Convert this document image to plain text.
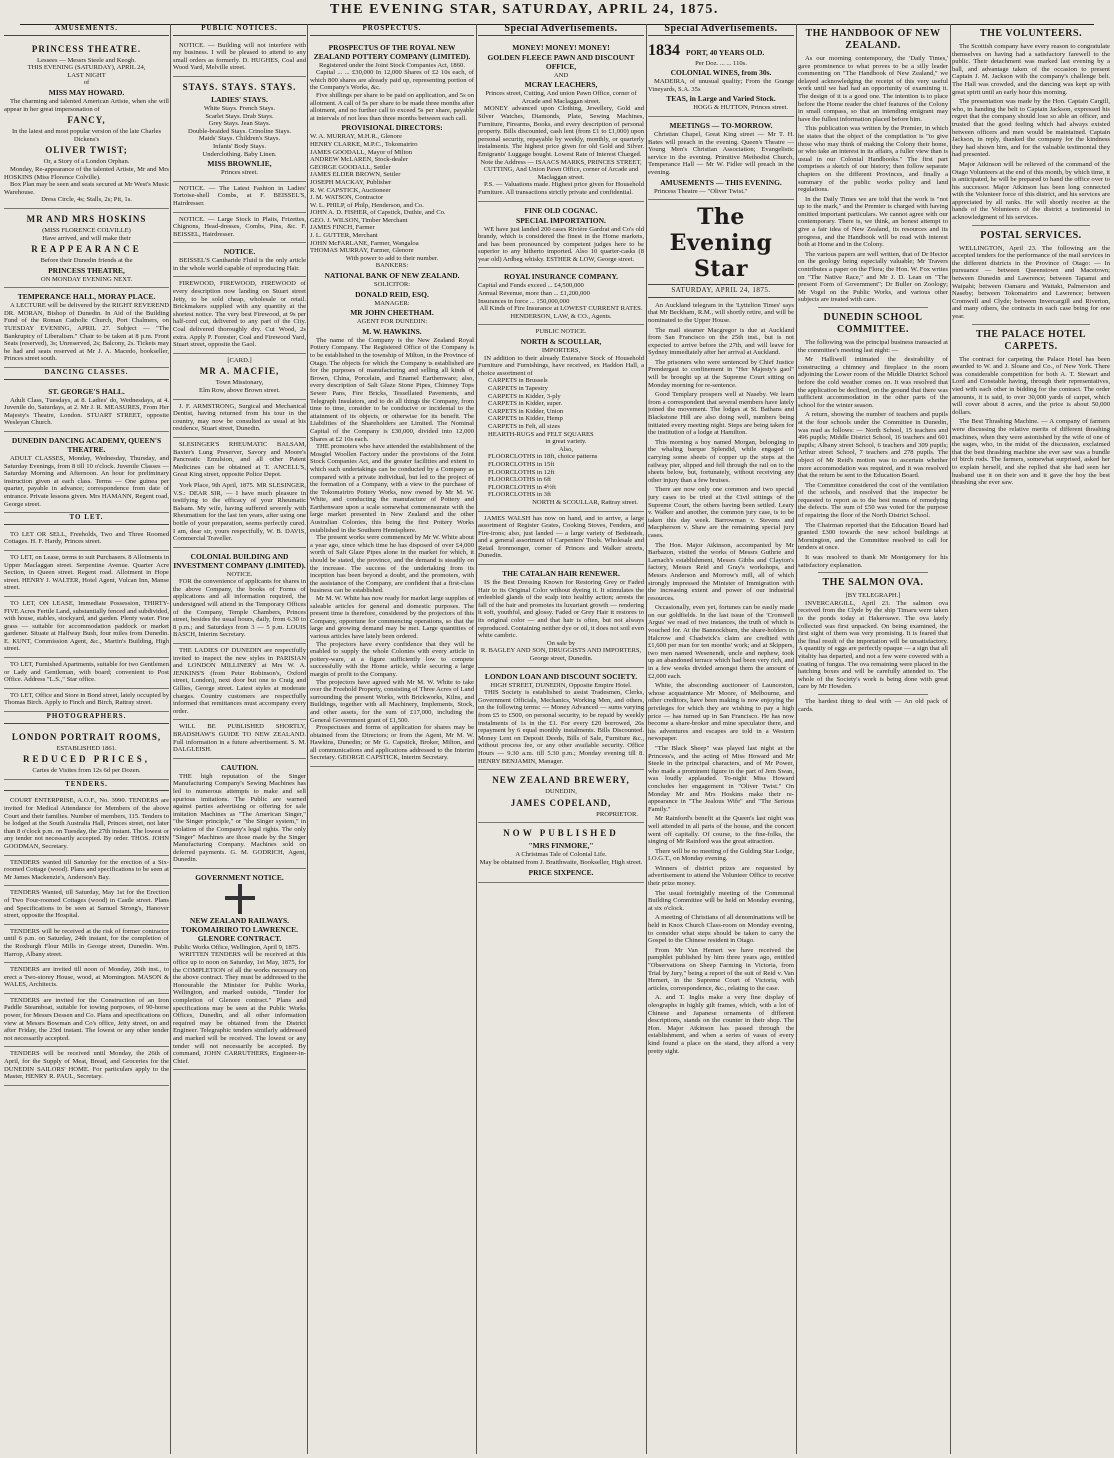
THE EVENING STAR, SATURDAY, APRIL 24, 1875.
AMUSEMENTS.
PRINCESS THEATRE.
Lessees — Messrs Steele and Keogh.
THIS EVENING (SATURDAY), APRIL 24,
LAST NIGHT
of
MISS MAY HOWARD.
The charming and talented American Artiste, when she will appear in her great impersonation of
FANCY,
In the latest and most popular version of the late Charles Dickens's
OLIVER TWIST;
Or, a Story of a London Orphan.
Monday, Re-appearance of the talented Artiste, Mr and Mrs HOSKINS (Miss Florence Colville).
Box Plan may be seen and seats secured at Mr West's Music Warehouse.
Dress Circle, 4s; Stalls, 2s; Pit, 1s.
MR AND MRS HOSKINS
(MISS FLORENCE COLVILLE)
Have arrived, and will make their
REAPPEARANCE
Before their Dunedin friends at the
PRINCESS THEATRE,
ON MONDAY EVENING NEXT.
TEMPERANCE HALL, MORAY PLACE.
A LECTURE will be delivered by the RIGHT REVEREND DR. MORAN, Bishop of Dunedin. In Aid of the Building Fund of the Roman Catholic Church, Port Chalmers, on TUESDAY EVENING, APRIL 27. Subject — "The Bankruptcy of Liberalism." Chair to be taken at 8 p.m. Front Seats (reserved), 3s; Unreserved, 2s; Balcony, 2s. Tickets may be had and seats reserved at Mr J. A. Macedo, bookseller, Princes street south.
DANCING CLASSES.
ST. GEORGE'S HALL.
Adult Class, Tuesdays, at 8. Ladies' do, Wednesdays, at 4. Juvenile do, Saturdays, at 2. Mr J. R. MEASURES, From Her Majesty's Theatre, London. STUART STREET, opposite Wesleyan Church.
DUNEDIN DANCING ACADEMY, QUEEN'S THEATRE.
ADULT CLASSES, Monday, Wednesday, Thursday, and Saturday Evenings, from 8 till 10 o'clock. Juvenile Classes — Saturday Morning and Afternoon. An hour for preliminary instruction given at each class. Terms — One guinea per quarter, payable in advance; correspondence from date of entrance. Private lessons given. Mrs HAMANN, Regent road, George street.
TO LET.
TO LET OR SELL, Freeholds, Two and Three Roomed Cottages. H. F. Hardy, Princes street.
TO LET, on Lease, terms to suit Purchasers. 8 Allotments in Upper Maclaggan street. Serpentine Avenue. Quarter Acre Section, in Queen street. Regent road. Allotment in Hope street. HENRY J. WALTER, Hotel Agent, Vulcan Inn, Manse street.
TO LET, ON LEASE, Immediate Possession, THIRTY-FIVE Acres Fertile Land, substantially fenced and subdivided, with house, stables, stockyard, and garden. Plenty water. Fine grass — suitable for accommodation paddock or market gardener. Situate at Halfway Bush, four miles from Dunedin. E. KUNT, Commission Agent, &c., Martin's Building, High street.
TO LET, Furnished Apartments, suitable for two Gentlemen or Lady and Gentleman, with board; convenient to Post Office. Address "L.S.," Star office.
TO LET, Office and Store in Bond street, lately occupied by Thomas Birch. Apply to Finch and Birch, Rattray street.
PHOTOGRAPHERS.
LONDON PORTRAIT ROOMS,
ESTABLISHED 1861.
REDUCED PRICES,
Cartes de Visites from 12s 6d per Dozen.
TENDERS.
COURT ENTERPRISE, A.O.F., No. 3990. TENDERS are invited for Medical Attendance for Members of the above Court and their families. Number of members, 115. Tenders to be lodged at the South Australia Hall, Princes street, not later than 8 o'clock p.m. on Tuesday, the 27th instant. The lowest or any tender not necessarily accepted. By order. THOS. JOHN GOODMAN, Secretary.
TENDERS wanted till Saturday for the erection of a Six-roomed Cottage (wood). Plans and specifications to be seen at Mr James Mackenzie's, Anderson's Bay.
TENDERS Wanted, till Saturday, May 1st for the Erection of Two Four-roomed Cottages (wood) in Castle street. Plans and Specifications to be seen at Samuel Strong's, Hanover street, opposite the Hospital.
TENDERS will be received at the risk of former contractor until 6 p.m. on Saturday, 24th instant, for the completion of the Roxburgh Flour Mills in George street, Dunedin. Wm. Harrop, Albany street.
TENDERS are invited till noon of Monday, 26th inst., to erect a Two-storey House, wood, at Mornington. MASON & WALES, Architects.
TENDERS are invited for the Construction of an Iron Paddle Steamboat, suitable for towing purposes, of 90-horse power, for Messrs Dessen and Co. Plans and specifications on view at Messrs Bowman and Co's office, Jetty street, on and after Friday, the 23rd instant. The lowest or any other tender not necessarily accepted.
TENDERS will be received until Monday, the 26th of April, for the Supply of Meat, Bread, and Groceries for the DUNEDIN SAILORS' HOME. For particulars apply to the Master, HENRY R. PAUL, Secretary.
PUBLIC NOTICES.
NOTICE. — Building will not interfere with my business. I will be pleased to attend to any small orders as formerly. D. HUGHES, Coal and Wood Yard, Melville street.
STAYS. STAYS. STAYS.
LADIES' STAYS.
White Stays. French Stays.
Scarlet Stays. Drab Stays.
Grey Stays. Jean Stays.
Double-braided Stays. Crinoline Stays.
Maids' Stays. Children's Stays.
Infants' Body Stays.
Underclothing. Baby Linen.
MISS BROWNLIE,
Princes street.
NOTICE. — The Latest Fashion in Ladies' Tortoise-shell Combs, at F. BEISSEL'S, Hairdresser.
NOTICE. — Large Stock in Plaits, Frizettes, Chignons, Head-dresses, Combs, Pins, &c. F. BEISSEL, Hairdresser.
NOTICE.
BEISSEL'S Cantharide Fluid is the only article in the whole world capable of reproducing Hair.
FIREWOOD, FIREWOOD, FIREWOOD of every description now landing on Stuart street Jetty, to be sold cheap, wholesale or retail. Brickmakers supplied with any quantity at the shortest notice. The very best Firewood, at 9s per half-cord cut, delivered to any part of the City. Coal delivered thoroughly dry. Cut Wood, 2s extra. Apply P. Forester, Coal and Firewood Yard, Stuart street, opposite the Gaol.
[CARD.]
MR A. MACFIE,
Town Missionary,
Elm Row, above Brown street.
J. F. ARMSTRONG, Surgical and Mechanical Dentist, having returned from his tour in the country, may now be consulted as usual at his residence, Stuart street, Dunedin.
SLESINGER'S RHEUMATIC BALSAM, Baxter's Lung Preserver, Savory and Moore's Pancreatic Emulsion, and all other Patent Medicines can be obtained at T. ANCELL'S, Great King street, opposite Police Depot.
York Place, 9th April, 1875. MR SLESINGER, V.S.: DEAR SIR, — I have much pleasure in testifying to the efficacy of your Rheumatic Balsam. My wife, having suffered severely with Rheumatism for the last ten years, after using one bottle of your preparation, seems perfectly cured. I am, dear sir, yours respectfully, W. B. DAVIS, Commercial Traveller.
COLONIAL BUILDING AND INVESTMENT COMPANY (LIMITED).
NOTICE.
FOR the convenience of applicants for shares in the above Company, the books of Forms of applications and all information required, the undersigned will attend in the Temporary Offices of the Company, Temple Chambers, Princes street, besides the usual hours, daily, from 6.30 to 8 p.m.; and Saturdays from 3 — 5 p.m. LOUIS BASCH, Interim Secretary.
THE LADIES OF DUNEDIN are respectfully invited to inspect the new styles in PARISIAN and LONDON MILLINERY at Mrs W. A. JENKINS'S (from Peter Robinson's, Oxford street, London), next door but one to Craig and Gillies, George street. Latest styles at moderate charges. Country customers are respectfully informed that remittances must accompany every order.
WILL BE PUBLISHED SHORTLY, BRADSHAW'S GUIDE TO NEW ZEALAND. Full information in a future advertisement. S. M. DALGLEISH.
CAUTION.
THE high reputation of the Singer Manufacturing Company's Sewing Machines has led to numerous attempts to make and sell spurious imitations. The Public are warned against parties advertising or offering for sale imitation Machines as "The American Singer," "the Singer principle," or "the Singer system," in violation of the Company's legal rights. The only "Singer" Machines are those made by the Singer Manufacturing Company. Machines sold on deferred payments. G. M. GODRICH, Agent, Dunedin.
GOVERNMENT NOTICE.
NEW ZEALAND RAILWAYS. TOKOMAIRIRO TO LAWRENCE. GLENORE CONTRACT.
Public Works Office, Wellington, April 9, 1875.
WRITTEN TENDERS will be received at this office up to noon on Saturday, 1st May, 1875, for the COMPLETION of all the works necessary on the above contract. They must be addressed to the Honourable the Minister for Public Works, Wellington, and marked outside, "Tender for completion of Glenore contract." Plans and specifications may be seen at the Public Works Offices, Dunedin, and all other information required may be obtained from the District Engineer. Telegraphic tenders similarly addressed and marked will be received. The lowest or any tender will not necessarily be accepted. By command, JOHN CARRUTHERS, Engineer-in-Chief.
PROSPECTUS.
PROSPECTUS OF THE ROYAL NEW ZEALAND POTTERY COMPANY (LIMITED).
Registered under the Joint Stock Companies Act, 1860.
Capital ... ... £30,000 In 12,000 Shares of £2 10s each, of which 800 shares are already paid up, representing portion of the Company's Works, &c.
Five shillings per share to be paid on application, and 5s on allotment. A call of 5s per share to be made three months after allotment, and no further call to exceed 5s per share, payable at intervals of not less than three months between each call.
PROVISIONAL DIRECTORS:
W. A. MURRAY, M.H.R., Glenore
HENRY CLARKE, M.P.C., Tokomairiro
JAMES GOODALL, Mayor of Milton
ANDREW McLAREN, Stock-dealer
GEORGE GOODALL, Settler
JAMES ELDER BROWN, Settler
JOSEPH MACKAY, Publisher
R. W. CAPSTICK, Auctioneer
J. M. WATSON, Contractor
W. L. PHILP, of Philp, Henderson, and Co.
JOHN A. D. FISHER, of Capstick, Duthie, and Co.
GEO. J. WILSON, Timber Merchant
JAMES FINCH, Farmer
J. L. GUTTER, Merchant
JOHN McFARLANE, Farmer, Wangaloa
THOMAS MURRAY, Farmer, Glenore
With power to add to their number.
BANKERS:
NATIONAL BANK OF NEW ZEALAND.
SOLICITOR:
DONALD REID, ESQ.
MANAGER:
MR JOHN CHEETHAM.
AGENT FOR DUNEDIN:
M. W. HAWKINS.
The name of the Company is the New Zealand Royal Pottery Company. The Registered Office of the Company is to be established in the township of Milton, in the Province of Otago. The objects for which the Company is established are for the purposes of manufacturing and selling all kinds of Brown, China, Porcelain, and Enamel Earthenware; also, every description of Salt Glaze Stone Pipes, Chimney Tops Sewer Pans, Fire Bricks, Tessellated Pavements, and Telegraph Insulators, and to do all things the Company, from time to time, consider to be conducive or incidental to the attainment of its objects, or otherwise for its benefit. The Liabilities of the Shareholders are Limited. The Nominal Capital of the Company is £30,000, divided into 12,000 Shares at £2 10s each.
THE promoters who have attended the establishment of the Mosgiel Woollen Factory under the provisions of the Joint Stock Companies Act, and the greater facilities and extent to which such undertakings can be conducted by a Company as compared with a private individual, but led to the project of the formation of a Company, with a view to the purchase of the Tokomairiro Pottery Works, now owned by Mr M. W. White, and conducting the manufacture of Pottery and Earthenware upon a scale somewhat commensurate with the large market presented in New Zealand and the other Australian Colonies, this being the first Pottery Works established in the Southern Hemisphere.
The present works were commenced by Mr W. White about a year ago, since which time he has disposed of over £4,000 worth of Salt Glaze Pipes alone in the market for which, it should be stated, the province, and the demand is steadily on the increase. The success of the undertaking from its inception has been beyond a doubt, and the promoters, with the assistance of the Company, are confident that a first-class business can be established.
Mr M. W. White has now ready for market large supplies of saleable articles for general and domestic purposes. The present time is therefore, considered by the projectors of this Company, opportune for commencing operations, so that the large and growing demand may be met. Large quantities of various articles have lately been ordered.
The projectors have every confidence that they will be enabled to supply the whole Colonies with every article in pottery-ware, at a figure sufficiently low to compete successfully with the Home article, while securing a large margin of profit to the Company.
The projectors have agreed with Mr M. W. White to take over the Freehold Property, consisting of Three Acres of Land surrounding the present Works, with Brickworks, Kilns, and Buildings, together with all Machinery, Implements, Stock, and other assets, for the sum of £17,000, including the General Government grant of £1,500.
Prospectuses and forms of application for shares may be obtained from the Directors; or from the Agent, Mr M. W. Hawkins, Dunedin; or Mr G. Capstick, Broker, Milton, and all communications and applications addressed to the Interim Secretary. GEORGE CAPSTICK, Interim Secretary.
Special Advertisements.
MONEY! MONEY! MONEY!
GOLDEN FLEECE PAWN AND DISCOUNT OFFICE,
AND
MCRAY LEACHERS,
Princes street, Cutting, And union Pawn Office, corner of Arcade and Maclaggan street.
MONEY advanced upon Clothing, Jewellery, Gold and Silver Watches, Diamonds, Plate, Sewing Machines, Furniture, Firearms, Books, and every description of personal property. Bills discounted, cash lent (from £1 to £1,000) upon personal security, repayable by weekly, monthly, or quarterly instalments. The highest price given for old Gold and Silver. Emigrants' Luggage bought. Lowest Rate of Interest Charged.
Note the Address — ISAACS MARKS, PRINCES STREET, CUTTING, And Union Pawn Office, corner of Arcade and Maclaggan street.
P.S. — Valuations made. Highest price given for Household Furniture. All transactions strictly private and confidential.
FINE OLD COGNAC.
SPECIAL IMPORTATION.
WE have just landed 200 cases Rivière Gardrat and Co's old brandy, which is considered the finest in the Home markets, and has been pronounced by competent judges here to be superior to any hitherto imported. Also 10 quarter-casks (8 year old) Ardbeg whisky. ESTHER & LOW, George street.
ROYAL INSURANCE COMPANY.
Capital and Funds exceed ... £4,500,000
Annual Revenue, more than ... £1,200,000
Insurances in force ... 150,000,000
All Kinds of Fire Insurance at LOWEST CURRENT RATES. HENDERSON, LAW, & CO., Agents.
PUBLIC NOTICE.
NORTH & SCOULLAR,
IMPORTERS,
IN addition to their already Extensive Stock of Household Furniture and Furnishings, have received, ex Haddon Hall, a choice assortment of
CARPETS in Brussels
CARPETS in Tapestry
CARPETS in Kidder, 3-ply
CARPETS in Kidder, super.
CARPETS in Kidder, Union
CARPETS in Kidder, Hemp
CARPETS in Felt, all sizes
HEARTH-RUGS and FELT SQUARES
in great variety.
Also,
FLOORCLOTHS in 18ft, choice patterns
FLOORCLOTHS in 15ft
FLOORCLOTHS in 12ft
FLOORCLOTHS in 6ft
FLOORCLOTHS in 4½ft
FLOORCLOTHS in 3ft
NORTH & SCOULLAR, Rattray street.
JAMES WALSH has now on hand, and to arrive, a large assortment of Register Grates, Cooking Stoves, Fenders, and Fire-irons; also, just landed — a large variety of Bedsteads, and a general assortment of Carpenters' Tools. Wholesale and Retail Ironmonger, corner of Princes and Walker streets, Dunedin.
THE CATALAN HAIR RENEWER.
IS the Best Dressing Known for Restoring Grey or Faded Hair to its Original Color without dyeing it. It stimulates the enfeebled glands of the scalp into healthy action; arrests the fall of the hair and promotes its luxuriant growth — rendering it soft, youthful, and glossy. Faded or Grey Hair it restores to its original color — and that hair is often, but not always reproduced. Containing neither dye or oil, it does not soil even white cambric.
On sale by
R. BAGLEY AND SON, DRUGGISTS AND IMPORTERS, George street, Dunedin.
LONDON LOAN AND DISCOUNT SOCIETY.
HIGH STREET, DUNEDIN, Opposite Empire Hotel.
THIS Society is established to assist Tradesmen, Clerks, Government Officials, Mechanics, Working Men, and others, on the following terms: — Money Advanced — sums varying from £5 to £500, on personal security, to be repaid by weekly instalments of 1s in the £1. For every £20 borrowed, 26s repayment by 6 equal monthly instalments. Bills Discounted. Money Lent on Deposit Deeds, Bills of Sale, Furniture &c., without process fee, or any other available security. Office Hours — 9.30 a.m. till 5.30 p.m.; Monday evening till 8. HENRY BENJAMIN, Manager.
NEW ZEALAND BREWERY,
DUNEDIN,
JAMES COPELAND,
PROPRIETOR.
NOW PUBLISHED
"MRS FINMORE,"
A Christmas Tale of Colonial Life.
May be obtained from J. Braithwaite, Bookseller, High street.
PRICE SIXPENCE.
Special Advertisements.
1834 PORT, 40 YEARS OLD.
Per Doz. ... ... 110s.
COLONIAL WINES, from 30s.
MADEIRA, of unusual quality; From the Grange Vineyards, S.A. 35s
TEAS, in Large and Varied Stock.
HOGG & HUTTON, Princes street.
MEETINGS — TO-MORROW.
Christian Chapel, Great King street — Mr T. H. Bates will preach in the evening. Queen's Theatre — Young Men's Christian Association; Evangelistic service in the evening. Primitive Methodist Church, Temperance Hall — Mr W. Fidler will preach in the evening.
AMUSEMENTS — THIS EVENING.
Princess Theatre — "Oliver Twist."
The Evening Star
SATURDAY, APRIL 24, 1875.
An Auckland telegram in the 'Lyttelton Times' says that Mr Beckham, R.M., will shortly retire, and will be nominated to the Upper House.
The mail steamer Macgregor is due at Auckland from San Francisco on the 25th inst., but is not expected to arrive before the 27th, and will leave for Sydney immediately after her arrival at Auckland.
The prisoners who were sentenced by Chief Justice Prendergast to confinement in "Her Majesty's gaol" will be brought up at the Supreme Court sitting on Monday morning for re-sentence.
Good Templary prospers well at Naseby. We learn from a correspondent that several members have lately joined the movement. The lodges at St. Bathans and Blackstone Hill are also doing well, numbers being initiated every meeting night. Steps are being taken for the institution of a lodge at Hamilton.
This morning a boy named Morgan, belonging to the whaling barque Splendid, while engaged in carrying some sheets of copper up the steps at the railway pier, slipped and fell through the rail on to the sheets below, but, fortunately, without receiving any other injury than a few bruises.
There are now only one common and two special jury cases to be tried at the Civil sittings of the Supreme Court, the others having been settled. Leary v. Walker and another, the common jury case, is to be taken this day week. Barrowman v. Stevens and Macpherson v. Shaw are the remaining special jury cases.
The Hon. Major Atkinson, accompanied by Mr Barbazon, visited the works of Messrs Guthrie and Larnach's establishment, Messrs Gibbs and Clayton's factory, Messrs Reid and Gray's workshops, and Messrs Anderson and Morrow's mill, all of which strongly impressed the Minister of Immigration with the increasing extent and power of our industrial resources.
Occasionally, even yet, fortunes can be easily made on our goldfields. In the last issue of the 'Cromwell Argus' we read of two instances, the truth of which is vouched for. At the Bannockburn, the share-holders in Halcrow and Chadwick's claim are credited with £1,600 per man for ten months' work; and at Skippers, two men named Wesenendi, uncle and nephew, took up an abandoned terrace which had been very rich, and in a few weeks divided amongst them the amount of £2,000 each.
White, the absconding auctioneer of Launceston, whose acquaintance Mr Moore, of Melbourne, and other creditors, have been making is now enjoying the privileges for which they are wishing to pay a high price — has turned up in San Francisco. He has now become a share-broker and mine speculator there, and his adventures and escapes are told in a Western newspaper.
"The Black Sheep" was played last night at the Princess's, and the acting of Miss Howard and Mr Steele in the principal characters, and of Mr Power, who made a prominent figure in the part of Jem Swan, was loudly applauded. To-night Miss Howard concludes her engagement in "Oliver Twist." On Monday Mr and Mrs Hoskins make their re-appearance in "The Jealous Wife" and "The Serious Family."
Mr Rainford's benefit at the Queen's last night was well attended in all parts of the house, and the concert went off capitally. Of course, to the fine-folks, the singing of Mr Rainford was the great attraction.
There will be no meeting of the Gulding Star Lodge, I.O.G.T., on Monday evening.
Winners of district prizes are requested by advertisement to attend the Volunteer Office to receive their prize money.
The usual fortnightly meeting of the Communal Building Committee will be held on Monday evening, at six o'clock.
A meeting of Christians of all denominations will be held in Knox Church Class-room on Monday evening, to consider what steps should be taken to carry the Gospel to the Chinese resident in Otago.
From Mr Van Hemert we have received the pamphlet published by him three years ago, entitled "Observations on Sheep Farming in Victoria, from Trial by Jury," being a report of the suit of Reid v. Van Hemert, in the Supreme Court of Victoria, with articles, correspondence, &c., relating to the case.
A. and T. Inglis make a very fine display of oleographs in highly gilt frames, which, with a lot of Chinese and Japanese ornaments of different descriptions, stands on the counter in their shop. The Hon. Major Atkinson has passed through the establishment, and when a series of vases of every kind found a place on the stand, they afford a very pretty sight.
THE HANDBOOK OF NEW ZEALAND.
As our morning contemporary, the 'Daily Times,' gave prominence to what proves to be a silly leader commenting on "The Handbook of New Zealand," we delayed acknowledging the receipt of this very useful work until we had had an opportunity of examining it. The design of it is a good one. The intention is to place before the Home reader the chief features of the Colony in small compass, so that an intending emigrant may have the fullest information placed before him.
This publication was written by the Premier, in which he states that the object of the compilation is "to give those who may think of making the Colony their home, or who take an interest in its affairs, a fuller view than is usual in our Colonial Handbooks." The first part comprises a sketch of our history; then follow separate chapters on the different Provinces, and finally a summary of the public works policy and land regulations.
In the Daily Times we are told that the work is "not up to the mark," and the Premier is charged with having omitted important particulars. We cannot agree with our contemporary. There is, we think, an honest attempt to give a fair idea of New Zealand, its resources and its progress, and the Handbook will be read with interest both at Home and in the Colony.
The various papers are well written, that of Dr Hector on the geology being especially valuable; Mr Travers contributes a paper on the Flora; the Hon. W. Fox writes on "The Native Race," and Mr J. D. Lean on "The present Form of Government"; Dr Buller on Zoology; Mr Vogel on the Public Works, and various other subjects are treated with care.
DUNEDIN SCHOOL COMMITTEE.
The following was the principal business transacted at the committee's meeting last night: —
Mr Halliwell intimated the desirability of constructing a chimney and fireplace in the room adjoining the Lower room of the Middle District School before the cold weather comes on. It was resolved that the application be declined, on the ground that there was sufficient accommodation in the other parts of the school for the winter season.
A return, showing the number of teachers and pupils at the four schools under the Committee in Dunedin, was read as follows: — North School, 15 teachers and 496 pupils; Middle District School, 16 teachers and 601 pupils; Albany street School, 6 teachers and 309 pupils; Arthur street School, 7 teachers and 278 pupils. The object of Mr Reid's motion was to ascertain whether more accommodation was required, and it was resolved that the return be sent to the Education Board.
The Committee considered the cost of the ventilation of the schools, and resolved that the inspector be requested to report as to the best means of remedying the defects. The sum of £50 was voted for the purpose of repairing the floor of the North District School.
The Chairman reported that the Education Board had granted £300 towards the new school buildings at Mornington, and the Committee resolved to call for tenders at once.
It was resolved to thank Mr Montgomery for his satisfactory explanation.
THE SALMON OVA.
[BY TELEGRAPH.]
INVERCARGILL, April 23. The salmon ova received from the Clyde by the ship Timaru were taken to the ponds today at Hakeroawe. The ova lately collected was first unpacked. On being examined, the first sight of them was very promising. It is feared that the final result of the importation will be unsatisfactory. A quantity of eggs are perfectly opaque — a sign that all vitality has departed, and not a few were covered with a coating of fungus. The ova remaining were placed in the hatching boxes and will be carefully attended to. The whole of the Society's work is being done with great care by Mr Howden.
The hardest thing to deal with — An old pack of cards.
THE VOLUNTEERS.
The Scottish company have every reason to congratulate themselves on having had a satisfactory farewell to the public. Their detachment was marked last evening by a ball, and advantage taken of the occasion to present Captain J. M. Jackson with the company's challenge belt. The Hall was crowded, and the dancing was kept up with great spirit until an early hour this morning.
The presentation was made by the Hon. Captain Cargill, who, in handing the belt to Captain Jackson, expressed his regret that the company should lose so able an officer, and trusted that the good feeling which had always existed between officers and men would be maintained. Captain Jackson, in reply, thanked the company for the kindness they had shown him, and for the valuable testimonial they had presented.
Major Atkinson will be relieved of the command of the Otago Volunteers at the end of this month, by which time, it is anticipated, he will be prepared to hand the office over to his successor. Major Atkinson has been long connected with the Volunteer force of this district, and his services are appreciated by all ranks. He will shortly receive at the hands of the Volunteers of the district a testimonial in acknowledgment of his services.
POSTAL SERVICES.
WELLINGTON, April 23. The following are the accepted tenders for the performance of the mail services in the different districts in the Province of Otago: — In pursuance — between Queenstown and Macetown; between Dunedin and Lawrence; between Tapanui and Waipahi; between Oamaru and Waitaki, Palmerston and Naseby; between Tokomairiro and Lawrence; between Cromwell and Clyde; between Invercargill and Riverton, and many others, the contracts in each case being for one year.
THE PALACE HOTEL CARPETS.
The contract for carpeting the Palace Hotel has been awarded to W. and J. Sloane and Co., of New York. There was considerable competition for both A. T. Stewart and Lord and Constable having, through their representatives, vied with each other in bidding for the contract. The order amounts, it is said, to over 30,000 yards of carpet, which will cover about 8 acres, and the price is about 50,000 dollars.
The Best Thrashing Machine. — A company of farmers were discussing the relative merits of different thrashing machines, when they were astonished by the wife of one of the sages, who, in the midst of the discussion, exclaimed that the best thrashing machine she ever saw was a bundle of birch rods. The farmers, somewhat surprised, asked her to explain herself, and she replied that she had seen her husband use it on their son and it gave the boy the best thrashing she ever saw.
